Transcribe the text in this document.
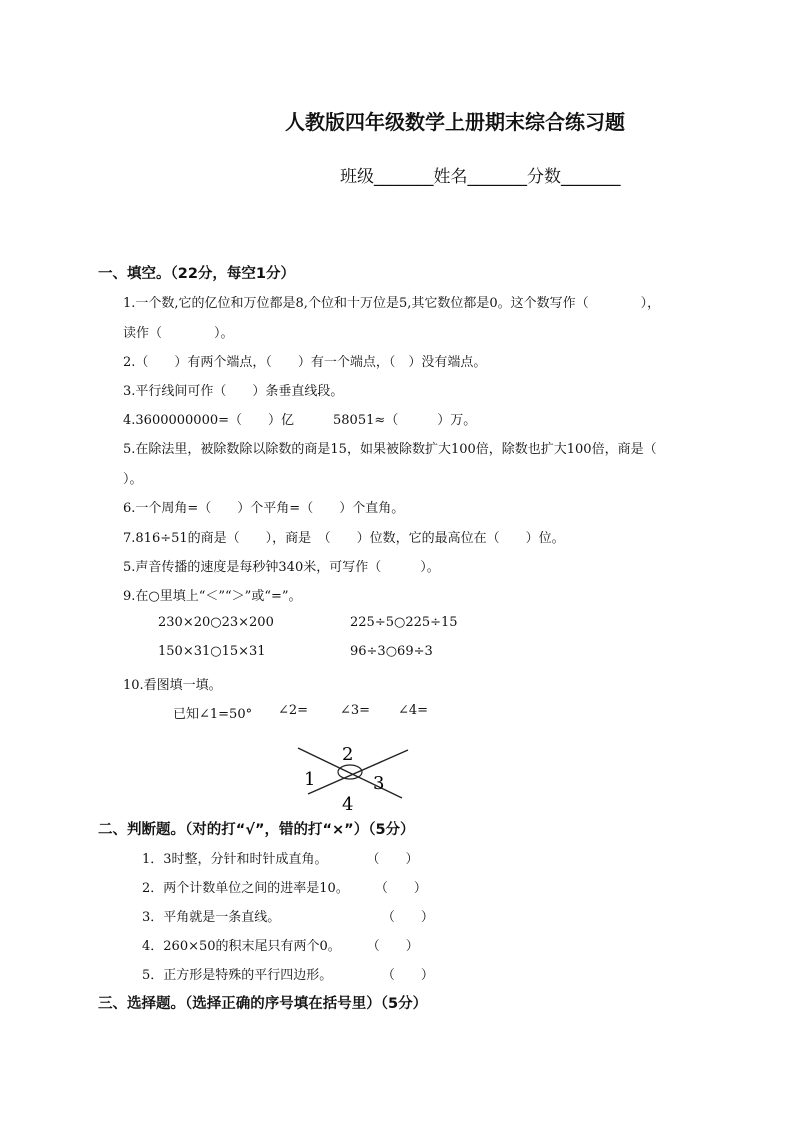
人教版四年级数学上册期末综合练习题
班级_______姓名_______分数_______
一、填空。（22分，每空1分）
1.一个数,它的亿位和万位都是8,个位和十万位是5,其它数位都是0。这个数写作（　　　　），
读作（　　　　）。
2.（　　）有两个端点，（　　）有一个端点，（　）没有端点。
3.平行线间可作（　　）条垂直线段。
4.3600000000=（　　）亿　　　58051≈（　　　）万。
5.在除法里，被除数除以除数的商是15，如果被除数扩大100倍，除数也扩大100倍，商是（
）。
6.一个周角=（　　）个平角=（　　）个直角。
7.816÷51的商是（　　），商是　（　　）位数，它的最高位在（　　）位。
5.声音传播的速度是每秒钟340米，可写作（　　　）。
9.在○里填上“＜”“＞”或“=”。
230×20○23×200	225÷5○225÷15
150×31○15×31	96÷3○69÷3
10.看图填一填。
已知∠1=50° ∠2= ∠3= ∠4=
1
2
3
4
二、判断题。（对的打“√”，错的打“×”）（5分）
1．3时整，分针和时针成直角。　　　　（　　）
2．两个计数单位之间的进率是10。　　　（　　）
3．平角就是一条直线。　　　　　　　　 （　　）
4．260×50的积末尾只有两个0。　　　（　　）
5．正方形是特殊的平行四边形。　　　　 （　　）
三、选择题。（选择正确的序号填在括号里）（5分）
